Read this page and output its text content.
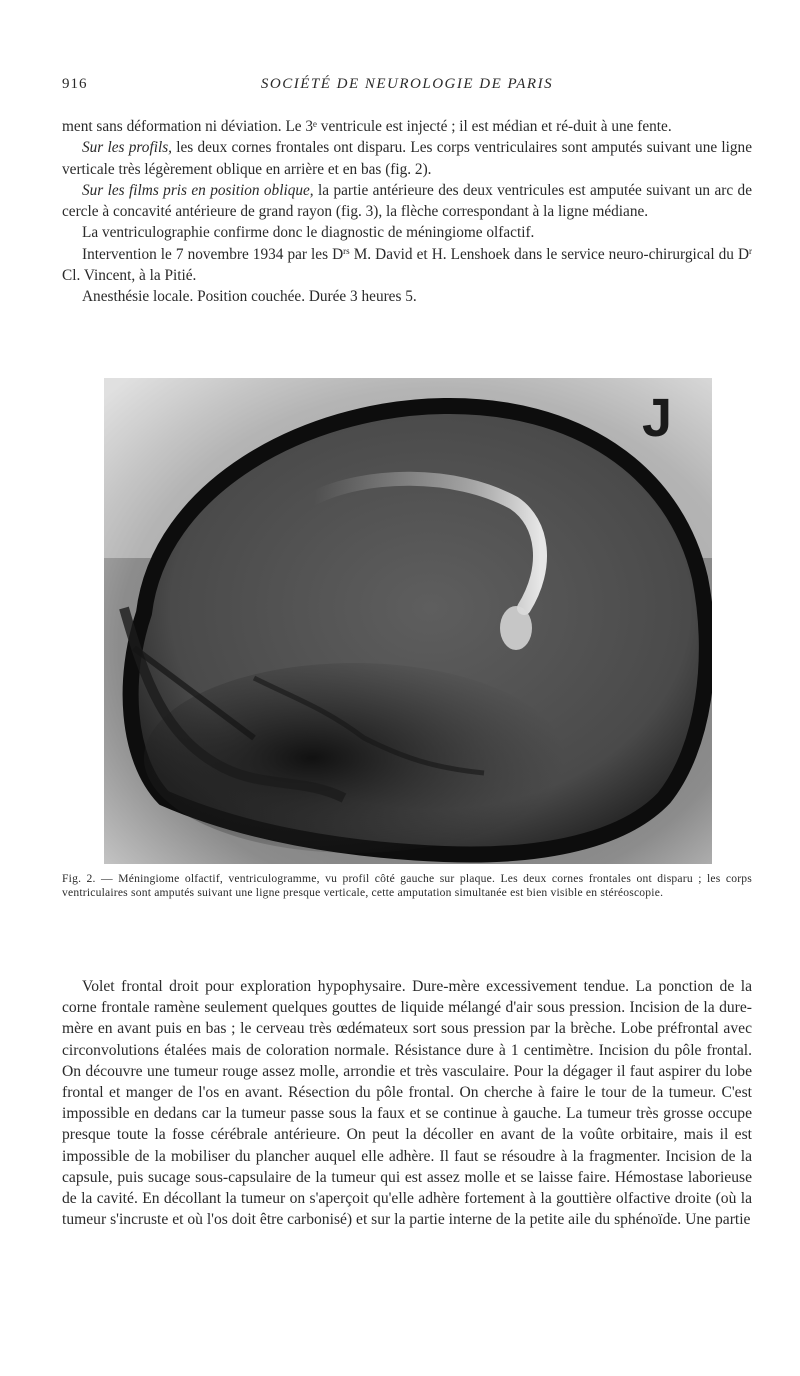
916	SOCIÉTÉ DE NEUROLOGIE DE PARIS

ment sans déformation ni déviation. Le 3ᵉ ventricule est injecté ; il est médian et ré-duit à une fente.

Sur les profils, les deux cornes frontales ont disparu. Les corps ventriculaires sont amputés suivant une ligne verticale très légèrement oblique en arrière et en bas (fig. 2).

Sur les films pris en position oblique, la partie antérieure des deux ventricules est amputée suivant un arc de cercle à concavité antérieure de grand rayon (fig. 3), la flèche correspondant à la ligne médiane.

La ventriculographie confirme donc le diagnostic de méningiome olfactif.

Intervention le 7 novembre 1934 par les $D^{rs}$ M. David et H. Lenshoek dans le service neuro-chirurgical du $D^r$ Cl. Vincent, à la Pitié.

Anesthésie locale. Position couchée. Durée 3 heures 5.

J
Fig. 2. — Méningiome olfactif, ventriculogramme, vu profil côté gauche sur plaque. Les deux cornes frontales ont disparu ; les corps ventriculaires sont amputés suivant une ligne presque verticale, cette amputation simultanée est bien visible en stéréoscopie.

Volet frontal droit pour exploration hypophysaire. Dure-mère excessivement tendue. La ponction de la corne frontale ramène seulement quelques gouttes de liquide mélangé d'air sous pression. Incision de la dure-mère en avant puis en bas ; le cerveau très œdémateux sort sous pression par la brèche. Lobe préfrontal avec circonvolutions étalées mais de coloration normale. Résistance dure à 1 centimètre. Incision du pôle frontal. On découvre une tumeur rouge assez molle, arrondie et très vasculaire. Pour la dégager il faut aspirer du lobe frontal et manger de l'os en avant. Résection du pôle frontal. On cherche à faire le tour de la tumeur. C'est impossible en dedans car la tumeur passe sous la faux et se continue à gauche. La tumeur très grosse occupe presque toute la fosse cérébrale antérieure. On peut la décoller en avant de la voûte orbitaire, mais il est impossible de la mobiliser du plancher auquel elle adhère. Il faut se résoudre à la fragmenter. Incision de la capsule, puis sucage sous-capsulaire de la tumeur qui est assez molle et se laisse faire. Hémostase laborieuse de la cavité. En décollant la tumeur on s'aperçoit qu'elle adhère fortement à la gouttière olfactive droite (où la tumeur s'incruste et où l'os doit être carbonisé) et sur la partie interne de la petite aile du sphénoïde. Une partie
